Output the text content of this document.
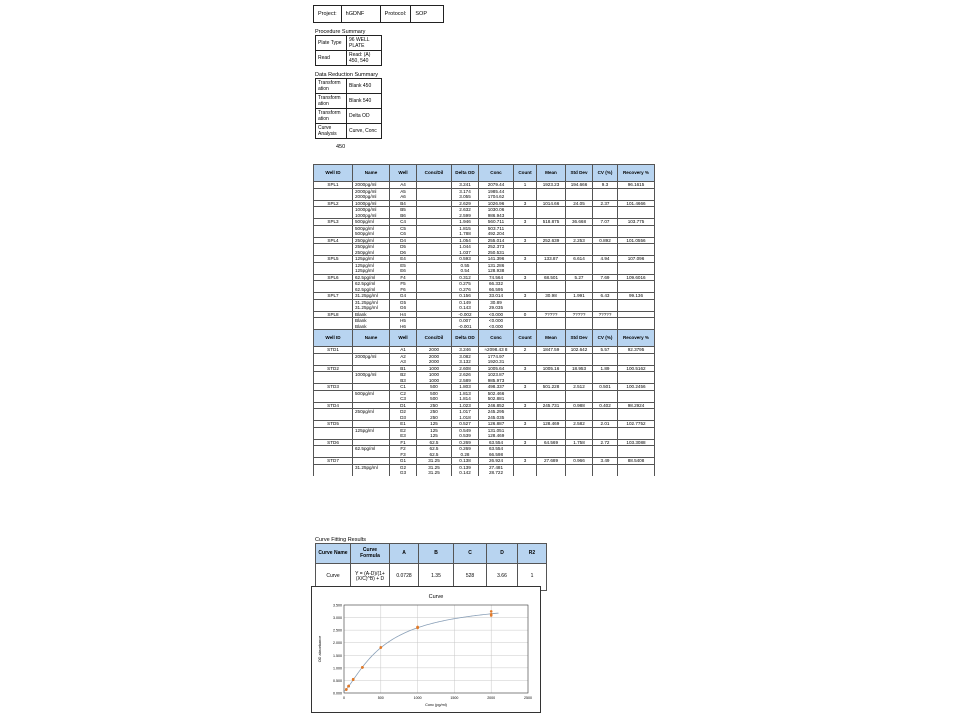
Project:	hGDNF	Protocol:	SOP
Procedure Summary
Plate Type	96 WELL PLATE
Read	Read: (A) 450, 540
Data Reduction Summary
Transform ation	Blank 450
Transform ation	Blank 540
Transform ation	Delta OD
Curve Analysis	Curve, Conc
450
Well ID	Name	Well	Conc/Dil	Delta OD	Conc	Count	Mean	Std Dev	CV (%)	Recovery %
SPL1	2000pg/ml	A4		3.241	2079.44	1	1923.23	194.666	9.3	96.1615
	2000pg/ml	A5		3.174	1985.44					
	2000pg/ml	A6		3.055	1704.62					
SPL2	1000pg/ml	B4		2.629	1026.96	3	1014.66	24.05	2.37	101.4666
	1000pg/ml	B5		2.632	1030.06					
	1000pg/ml	B6		2.599	986.943					
SPL3	500pg/ml	C4		1.946	560.711	3	518.875	36.668	7.07	103.775
	500pg/ml	C5		1.815	503.711					
	500pg/ml	C6		1.788	492.204					
SPL4	250pg/ml	D4		1.054	255.014	3	252.639	2.253	0.892	101.0556
	250pg/ml	D5		1.044	252.373					
	250pg/ml	D6		1.037	250.531					
SPL5	125pg/ml	E4		0.593	141.396	3	133.87	6.614	4.94	107.096
	125pg/ml	E5		0.55	131.286					
	125pg/ml	E6		0.54	128.938					
SPL6	62.5pg/ml	F4		0.312	74.564	3	68.501	5.27	7.69	109.6016
	62.5pg/ml	F5		0.275	66.332					
	62.5pg/ml	F6		0.276	66.595					
SPL7	31.25pg/ml	G4		0.156	33.014	3	30.98	1.991	6.43	99.136
	31.25pg/ml	G5		0.149	30.89					
	31.25pg/ml	G6		0.143	29.035					
SPL8	Blank	H4		-0.002	<0.000	0	?????	?????	?????	
	Blank	H5		0.007	<0.000					
	Blank	H6		-0.001	<0.000					
Well ID	Name	Well	Conc/Dil	Delta OD	Conc	Count	Mean	Std Dev	CV (%)	Recovery %
STD1		A1	2000	3.246	≈2098.43 8	2	1847.59	102.642	5.57	92.3795
	2000pg/ml	A2	2000	3.082	1774.97					
		A3	2000	3.132	1920.31					
STD2		B1	1000	2.608	1005.64	3	1005.16	18.953	1.89	100.5162
	1000pg/ml	B2	1000	2.626	1023.87					
		B3	1000	2.589	985.973					
STD3		C1	500	1.803	498.337	3	501.228	2.512	0.501	100.2456
	500pg/ml	C2	500	1.813	502.466					
		C3	500	1.814	502.881					
STD4		D1	250	1.023	246.852	3	245.731	0.988	0.402	98.2924
	250pg/ml	D2	250	1.017	245.295					
		D3	250	1.018	245.035					
STD5		E1	125	0.527	126.887	3	128.469	2.582	2.01	102.7752
	125pg/ml	E2	125	0.549	131.051					
		E3	125	0.539	128.469					
STD6		F1	62.5	0.269	63.554	3	64.569	1.758	2.72	103.3088
	62.5pg/ml	F2	62.5	0.269	63.554					
		F3	62.5	0.28	66.598					
STD7		G1	31.25	0.138	26.924	3	27.689	0.966	3.49	88.5408
	31.25pg/ml	G2	31.25	0.139	27.481					
		G3	31.25	0.142	28.722					
Curve Fitting Results
Curve Name	Curve Formula	A	B	C	D	R2
Curve	Y = (A-D)/(1+(X/C)^B) + D	0.0728	1.35	528	3.66	1
Curve
0.000
0.500
1.000
1.500
2.000
2.500
3.000
3.500
0	500	1000	1500	2000	2500
Conc (pg/ml)
OD absorbance
